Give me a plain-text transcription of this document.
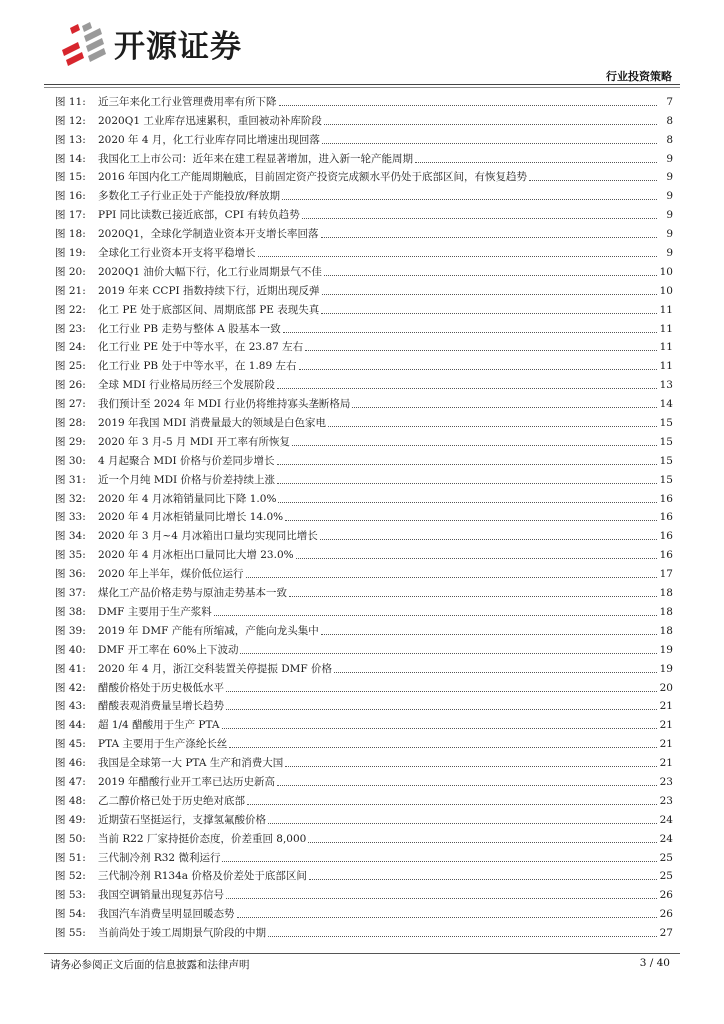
开源证券
行业投资策略
图 11:	近三年来化工行业管理费用率有所下降	7
图 12:	2020Q1 工业库存迅速累积，重回被动补库阶段	8
图 13:	2020 年 4 月，化工行业库存同比增速出现回落	8
图 14:	我国化工上市公司：近年来在建工程显著增加，进入新一轮产能周期	9
图 15:	2016 年国内化工产能周期触底，目前固定资产投资完成额水平仍处于底部区间，有恢复趋势	9
图 16:	多数化工子行业正处于产能投放/释放期	9
图 17:	PPI 同比读数已接近底部，CPI 有转负趋势	9
图 18:	2020Q1，全球化学制造业资本开支增长率回落	9
图 19:	全球化工行业资本开支将平稳增长	9
图 20:	2020Q1 油价大幅下行，化工行业周期景气不佳	10
图 21:	2019 年来 CCPI 指数持续下行，近期出现反弹	10
图 22:	化工 PE 处于底部区间、周期底部 PE 表现失真	11
图 23:	化工行业 PB 走势与整体 A 股基本一致	11
图 24:	化工行业 PE 处于中等水平，在 23.87 左右	11
图 25:	化工行业 PB 处于中等水平，在 1.89 左右	11
图 26:	全球 MDI 行业格局历经三个发展阶段	13
图 27:	我们预计至 2024 年 MDI 行业仍将维持寡头垄断格局	14
图 28:	2019 年我国 MDI 消费量最大的领域是白色家电	15
图 29:	2020 年 3 月-5 月 MDI 开工率有所恢复	15
图 30:	4 月起聚合 MDI 价格与价差同步增长	15
图 31:	近一个月纯 MDI 价格与价差持续上涨	15
图 32:	2020 年 4 月冰箱销量同比下降 1.0%	16
图 33:	2020 年 4 月冰柜销量同比增长 14.0%	16
图 34:	2020 年 3 月~4 月冰箱出口量均实现同比增长	16
图 35:	2020 年 4 月冰柜出口量同比大增 23.0%	16
图 36:	2020 年上半年，煤价低位运行	17
图 37:	煤化工产品价格走势与原油走势基本一致	18
图 38:	DMF 主要用于生产浆料	18
图 39:	2019 年 DMF 产能有所缩减，产能向龙头集中	18
图 40:	DMF 开工率在 60%上下波动	19
图 41:	2020 年 4 月，浙江交科装置关停提振 DMF 价格	19
图 42:	醋酸价格处于历史极低水平	20
图 43:	醋酸表观消费量呈增长趋势	21
图 44:	超 1/4 醋酸用于生产 PTA	21
图 45:	PTA 主要用于生产涤纶长丝	21
图 46:	我国是全球第一大 PTA 生产和消费大国	21
图 47:	2019 年醋酸行业开工率已达历史新高	23
图 48:	乙二醇价格已处于历史绝对底部	23
图 49:	近期萤石坚挺运行，支撑氢氟酸价格	24
图 50:	当前 R22 厂家持挺价态度，价差重回 8,000	24
图 51:	三代制冷剂 R32 微利运行	25
图 52:	三代制冷剂 R134a 价格及价差处于底部区间	25
图 53:	我国空调销量出现复苏信号	26
图 54:	我国汽车消费呈明显回暖态势	26
图 55:	当前尚处于竣工周期景气阶段的中期	27
请务必参阅正文后面的信息披露和法律声明	3 / 40
